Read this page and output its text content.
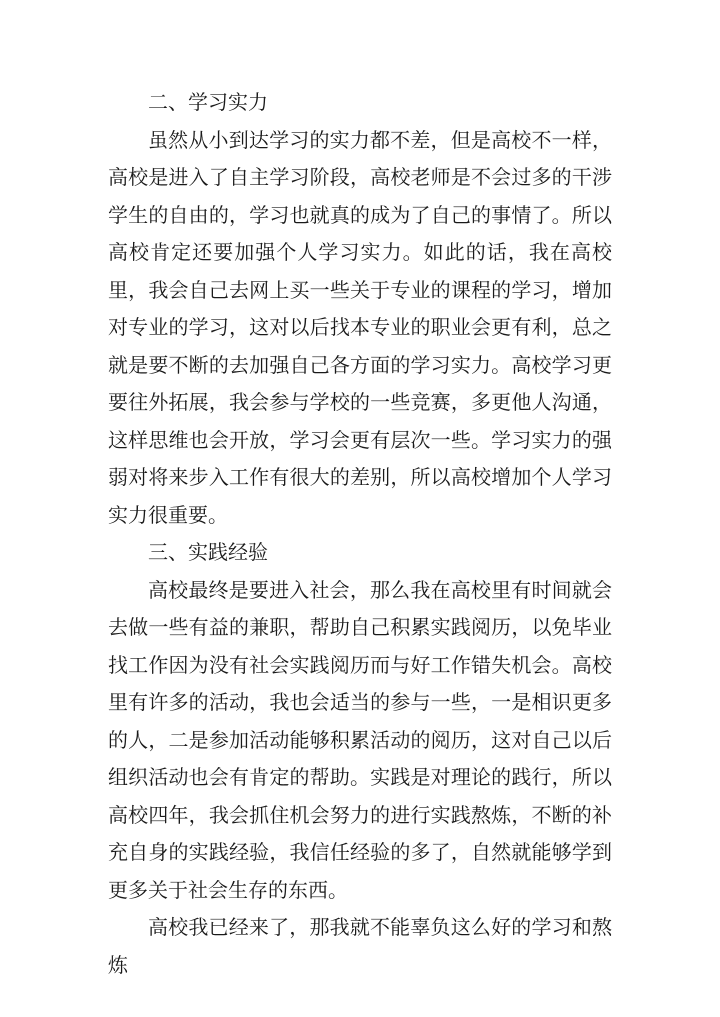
二、学习实力

虽然从小到达学习的实力都不差，但是高校不一样，高校是进入了自主学习阶段，高校老师是不会过多的干涉学生的自由的，学习也就真的成为了自己的事情了。所以高校肯定还要加强个人学习实力。如此的话，我在高校里，我会自己去网上买一些关于专业的课程的学习，增加对专业的学习，这对以后找本专业的职业会更有利，总之就是要不断的去加强自己各方面的学习实力。高校学习更要往外拓展，我会参与学校的一些竞赛，多更他人沟通，这样思维也会开放，学习会更有层次一些。学习实力的强弱对将来步入工作有很大的差别，所以高校增加个人学习实力很重要。

三、实践经验

高校最终是要进入社会，那么我在高校里有时间就会去做一些有益的兼职，帮助自己积累实践阅历，以免毕业找工作因为没有社会实践阅历而与好工作错失机会。高校里有许多的活动，我也会适当的参与一些，一是相识更多的人，二是参加活动能够积累活动的阅历，这对自己以后组织活动也会有肯定的帮助。实践是对理论的践行，所以高校四年，我会抓住机会努力的进行实践熬炼，不断的补充自身的实践经验，我信任经验的多了，自然就能够学到更多关于社会生存的东西。

高校我已经来了，那我就不能辜负这么好的学习和熬炼
